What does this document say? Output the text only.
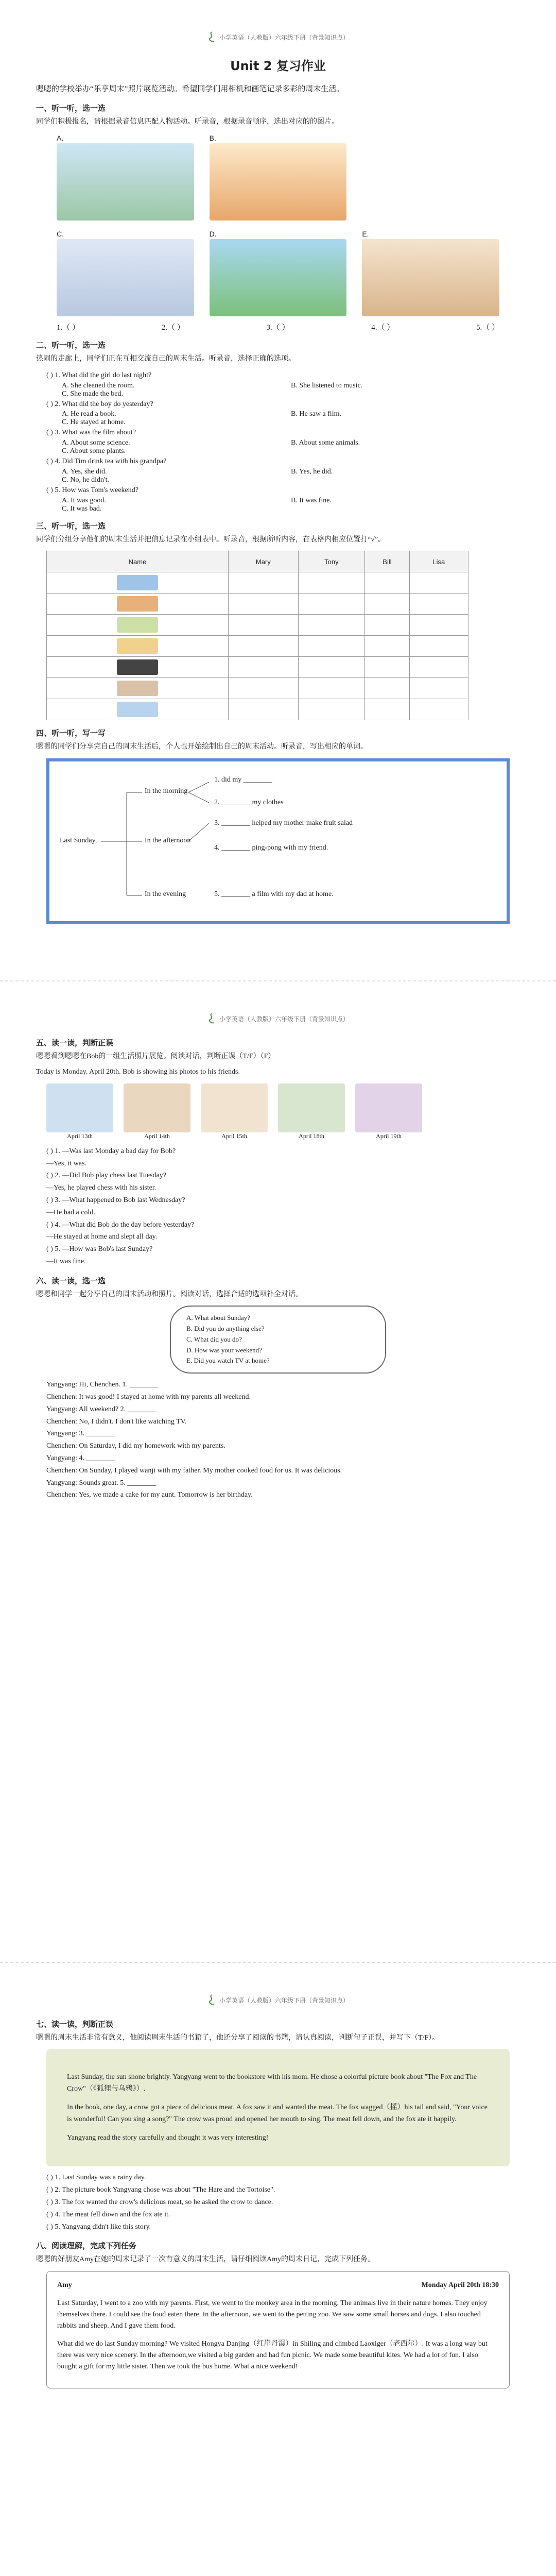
小学英语（人教版）六年级下册（背景知识点）
Unit 2 复习作业
嗯嗯的学校举办“乐享周末”照片展览活动。希望同学们用相机和画笔记录多彩的周末生活。
一、听一听，选一选
同学们积极报名，请根据录音信息匹配人物活动。听录音，根据录音顺序，选出对应的的图片。
A.	B.
C.	D.	E.
1.（ ）	2.（ ）	3.（ ）	4.（ ）	5.（ ）
二、听一听，选一选
热闹的走廊上，同学们正在互相交流自己的周末生活。听录音，选择正确的选项。
( ) 1. What did the girl do last night?
A. She cleaned the room.	B. She listened to music.
C. She made the bed.
( ) 2. What did the boy do yesterday?
A. He read a book.	B. He saw a film.
C. He stayed at home.
( ) 3. What was the film about?
A. About some science.	B. About some animals.
C. About some plants.
( ) 4. Did Tim drink tea with his grandpa?
A. Yes, she did.	B. Yes, he did.
C. No, he didn't.
( ) 5. How was Tom's weekend?
A. It was good.	B. It was fine.
C. It was bad.
三、听一听，选一选
同学们分组分享他们的周末生活并把信息记录在小组表中。听录音，根据所听内容，在表格内相应位置打“√”。
Name	Mary	Tony	Bill	Lisa

四、听一听，写一写
嗯嗯的同学们分享完自己的周末生活后，个人也开始绘制出自己的周末活动。听录音，写出相应的单词。
Last Sunday,
In the morning
In the afternoon
In the evening
1. did my ________
2. ________ my clothes
3. ________ helped my mother make fruit salad
4. ________ ping-pong with my friend.
5. ________ a film with my dad at home.
小学英语（人教版）六年级下册（背景知识点）
五、读一读，判断正误
嗯嗯看到嗯嗯在Bob的一组生活照片展览。阅读对话，判断正误（T/F）（F）
Today is Monday. April 20th. Bob is showing his photos to his friends.
April 13th	April 14th	April 15th	April 18th	April 19th
( ) 1. —Was last Monday a bad day for Bob?
—Yes, it was.
( ) 2. —Did Bob play chess last Tuesday?
—Yes, he played chess with his sister.
( ) 3. —What happened to Bob last Wednesday?
—He had a cold.
( ) 4. —What did Bob do the day before yesterday?
—He stayed at home and slept all day.
( ) 5. —How was Bob's last Sunday?
—It was fine.
六、读一读，选一选
嗯嗯和同学一起分享自己的周末活动和照片。阅读对话，选择合适的选项补全对话。
A. What about Sunday?
B. Did you do anything else?
C. What did you do?
D. How was your weekend?
E. Did you watch TV at home?
Yangyang: Hi, Chenchen. 1. ________
Chenchen: It was good! I stayed at home with my parents all weekend.
Yangyang: All weekend? 2. ________
Chenchen: No, I didn't. I don't like watching TV.
Yangyang: 3. ________
Chenchen: On Saturday, I did my homework with my parents.
Yangyang: 4. ________
Chenchen: On Sunday, I played wanji with my father. My mother cooked food for us. It was delicious.
Yangyang: Sounds great. 5. ________
Chenchen: Yes, we made a cake for my aunt. Tomorrow is her birthday.
小学英语（人教版）六年级下册（背景知识点）
七、读一读，判断正误
嗯嗯的周末生活非常有意义，他阅读周末生活的书籍了，他还分享了阅读的书籍，请认真阅读，判断句子正误，并写下（T/F）。

Last Sunday, the sun shone brightly. Yangyang went to the bookstore with his mom. He chose a colorful picture book about "The Fox and The Crow"（《狐狸与乌鸦》）.

In the book, one day, a crow got a piece of delicious meat. A fox saw it and wanted the meat. The fox wagged（摇）his tail and said, "Your voice is wonderful! Can you sing a song?" The crow was proud and opened her mouth to sing. The meat fell down, and the fox ate it happily.

Yangyang read the story carefully and thought it was very interesting!

( ) 1. Last Sunday was a rainy day.
( ) 2. The picture book Yangyang chose was about "The Hare and the Tortoise".
( ) 3. The fox wanted the crow's delicious meat, so he asked the crow to dance.
( ) 4. The meat fell down and the fox ate it.
( ) 5. Yangyang didn't like this story.
八、阅读理解，完成下列任务
嗯嗯的好朋友Amy在她的周末记录了一次有意义的周末生活，请仔细阅读Amy的周末日记，完成下列任务。
Amy	Monday April 20th 18:30

Last Saturday, I went to a zoo with my parents. First, we went to the monkey area in the morning. The animals live in their nature homes. They enjoy themselves there. I could see the food eaten there. In the afternoon, we went to the petting zoo. We saw some small horses and dogs. I also touched rabbits and sheep. And I gave them food.

What did we do last Sunday morning? We visited Hongya Danjing（红崖丹霞）in Shiling and climbed Laoxiger（老西尔）. It was a long way but there was very nice scenery. In the afternoon,we visited a big garden and had fun picnic. We made some beautiful kites. We had a lot of fun. I also bought a gift for my little sister. Then we took the bus home. What a nice weekend!
